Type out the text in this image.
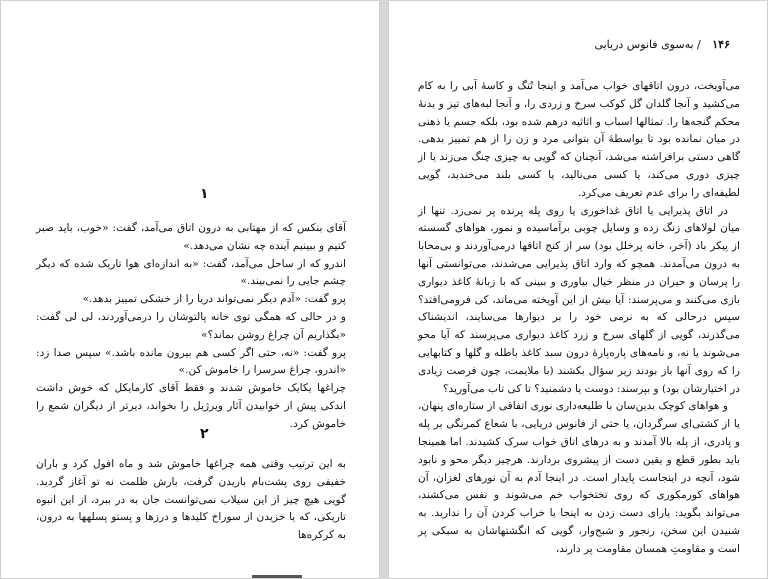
۱۴۶ / به‌سوی فانوس دریایی

می‌آویخت، درون اتاقهای خواب می‌آمد و اینجا تُنگ و کاسهٔ آبی را به کام می‌کشید و آنجا گلدان گل کوکب سرخ و زردی را، و آنجا لبه‌های تیز و بدنهٔ محکم گنجه‌ها را. تمثالها اسباب و اثاثیه درهم شده بود، بلکه جسم یا ذهنی در میان نمانده بود تا بواسطهٔ آن بتوانی مرد و زن را از هم تمییز بدهی. گاهی دستی برافراشته می‌شد، آنچنان که گویی به چیزی چنگ می‌زند یا از چیزی دوری می‌کند، یا کسی می‌نالید، یا کسی بلند می‌خندید، گویی لطیفه‌ای را برای عدم تعریف می‌کرد.

در اتاق پذیرایی یا اتاق غذاخوری یا روی پله پرنده پر نمی‌زد. تنها از میان لولاهای زنگ زده و وسایل چوبی برآماسیده و نمور، هواهای گسسته از پیکر باد (آخر، خانه پرخلل بود) سر از کنج اتاقها درمی‌آوردند و بی‌محابا به درون می‌آمدند. همچو که وارد اتاق پذیرایی می‌شدند، می‌توانستی آنها را پرسان و حیران در منظر خیال بیاوری و ببینی که با زبانهٔ کاغذ دیواری بازی می‌کنند و می‌پرسند: آیا بیش از این آویخته می‌ماند، کی فرومی‌افتد؟ سپس درحالی که به نرمی خود را بر دیوارها می‌سایند، اندیشناک می‌گذرند، گویی از گلهای سرخ و زرد کاغذ دیواری می‌پرسند که آیا محو می‌شوند یا نه، و نامه‌های پاره‌پارهٔ درون سبد کاغذ باطله و گلها و کتابهایی را که روی آنها باز بودند زیر سؤال بکشند (با ملایمت، چون فرصت زیادی در اختیارشان بود) و بپرسند: دوست یا دشمنید؟ تا کی تاب می‌آورید؟

و هواهای کوچک بدین‌سان با طلیعه‌داری نوری اتفاقی از ستاره‌ای پنهان، یا از کشتی‌ای سرگردان، یا حتی از فانوس دریایی، با شعاع کمرنگی بر پله و پادری، از پله بالا آمدند و به درهای اتاق خواب سرک کشیدند. اما همینجا باید بطور قطع و یقین دست از پیشروی بردارند. هرچیز دیگر محو و نابود شود، آنچه در اینجاست پایدار است. در اینجا آدم به آن نورهای لغزان، آن هواهای کورمکوری که روی تختخواب خم می‌شوند و نفس می‌کشند، می‌تواند بگوید: یارای دست زدن به اینجا یا خراب کردن آن را ندارید. به شنیدن این سخن، رنجور و شبح‌وار، گویی که انگشتهاشان به سبکی پر است و مقاومتِ همسان مقاومت پر دارند،

۱

آقای بنکس که از مهتابی به درون اتاق می‌آمد، گفت: «خوب، باید صبر کنیم و ببینیم آینده چه نشان می‌دهد.»

اندرو که از ساحل می‌آمد، گفت: «به اندازه‌ای هوا تاریک شده که دیگر چشم جایی را نمی‌بیند.»

پرو گفت: «آدم دیگر نمی‌تواند دریا را از خشکی تمییز بدهد.»

و در حالی که همگی توی خانه پالتوشان را درمی‌آوردند، لی لی گفت: «بگذاریم آن چراغ روشن بماند؟»

پرو گفت: «نه، حتی اگر کسی هم بیرون مانده باشد.» سپس صدا زد: «اندرو، چراغ سرسرا را خاموش کن.»

چراغها یکایک خاموش شدند و فقط آقای کارمایکل که خوش داشت اندکی پیش از خوابیدن آثار ویرژیل را بخواند، دیرتر از دیگران شمع را خاموش کرد.

۲

به این ترتیب وقتی همه چراغها خاموش شد و ماه افول کرد و باران خفیفی روی پشت‌بام باریدن گرفت، بارش ظلمت نه تو آغاز گردید. گویی هیچ چیز از این سیلاب نمی‌توانست جان به در ببرد، از این انبوه تاریکی، که یا خزیدن از سوراخ کلیدها و درزها و پستو پسلهها به درون، به کرکره‌ها
